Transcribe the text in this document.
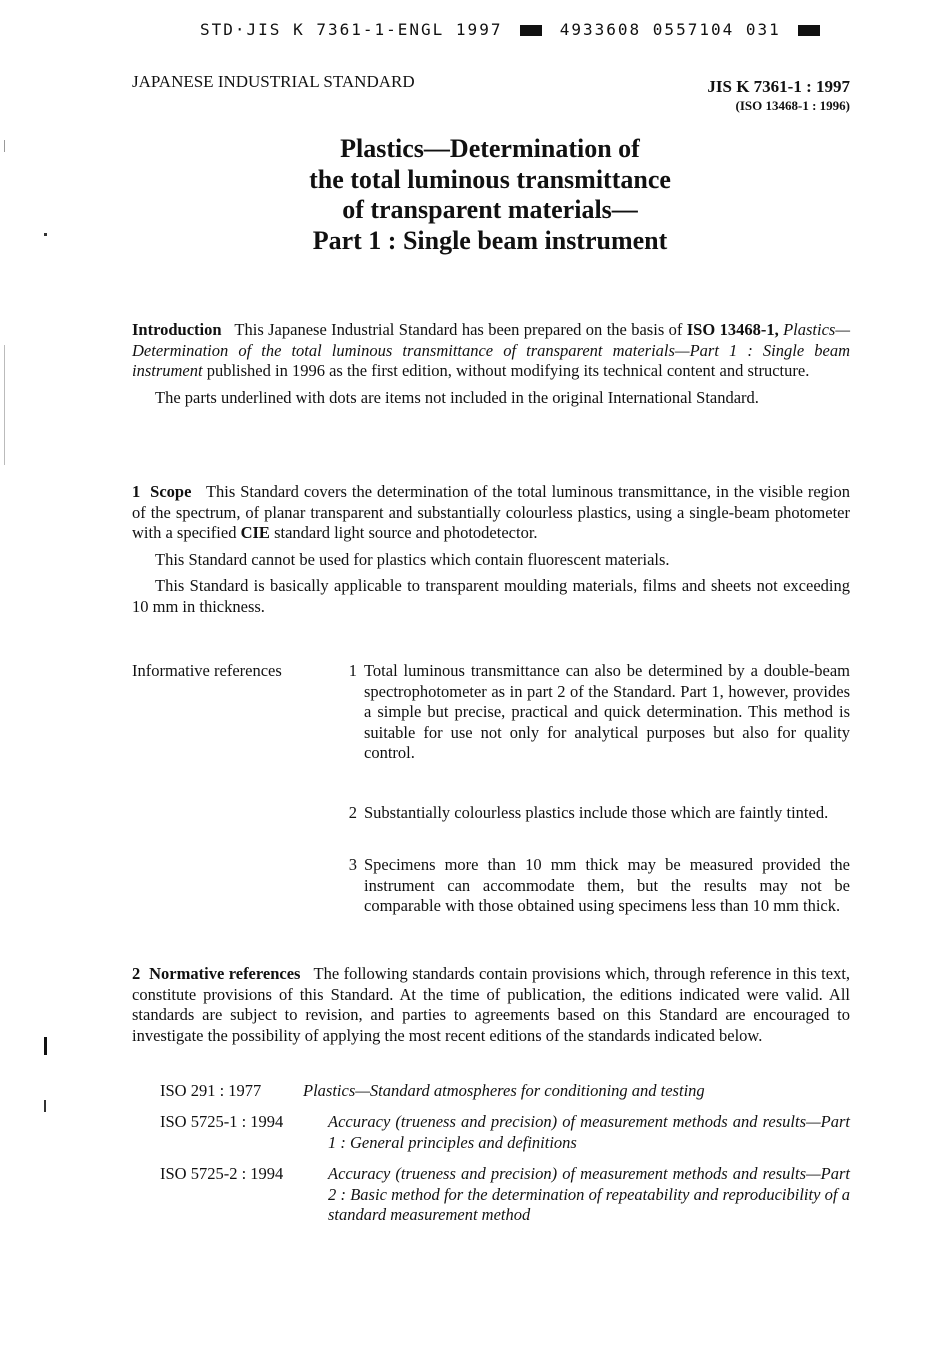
STD·JIS K 7361-1-ENGL 1997	4933608 0557104 031
JAPANESE INDUSTRIAL STANDARD	JIS K 7361-1 : 1997
(ISO 13468-1 : 1996)
Plastics—Determination of
the total luminous transmittance
of transparent materials—
Part 1 : Single beam instrument

Introduction This Japanese Industrial Standard has been prepared on the basis of ISO 13468-1, Plastics—Determination of the total luminous transmittance of transparent materials—Part 1 : Single beam instrument published in 1996 as the first edition, without modifying its technical content and structure.

The parts underlined with dots are items not included in the original International Standard.

1 Scope This Standard covers the determination of the total luminous transmittance, in the visible region of the spectrum, of planar transparent and substantially colourless plastics, using a single-beam photometer with a specified CIE standard light source and photodetector.

This Standard cannot be used for plastics which contain fluorescent materials.

This Standard is basically applicable to transparent moulding materials, films and sheets not exceeding 10 mm in thickness.

Informative references	1 Total luminous transmittance can also be determined by a double-beam spectrophotometer as in part 2 of the Standard. Part 1, however, provides a simple but precise, practical and quick determination. This method is suitable for use not only for analytical purposes but also for quality control.
2 Substantially colourless plastics include those which are faintly tinted.
3 Specimens more than 10 mm thick may be measured provided the instrument can accommodate them, but the results may not be comparable with those obtained using specimens less than 10 mm thick.

2 Normative references The following standards contain provisions which, through reference in this text, constitute provisions of this Standard. At the time of publication, the editions indicated were valid. All standards are subject to revision, and parties to agreements based on this Standard are encouraged to investigate the possibility of applying the most recent editions of the standards indicated below.

ISO 291 : 1977	Plastics—Standard atmospheres for conditioning and testing
ISO 5725-1 : 1994	Accuracy (trueness and precision) of measurement methods and results—Part 1 : General principles and definitions
ISO 5725-2 : 1994	Accuracy (trueness and precision) of measurement methods and results—Part 2 : Basic method for the determination of repeatability and reproducibility of a standard measurement method
